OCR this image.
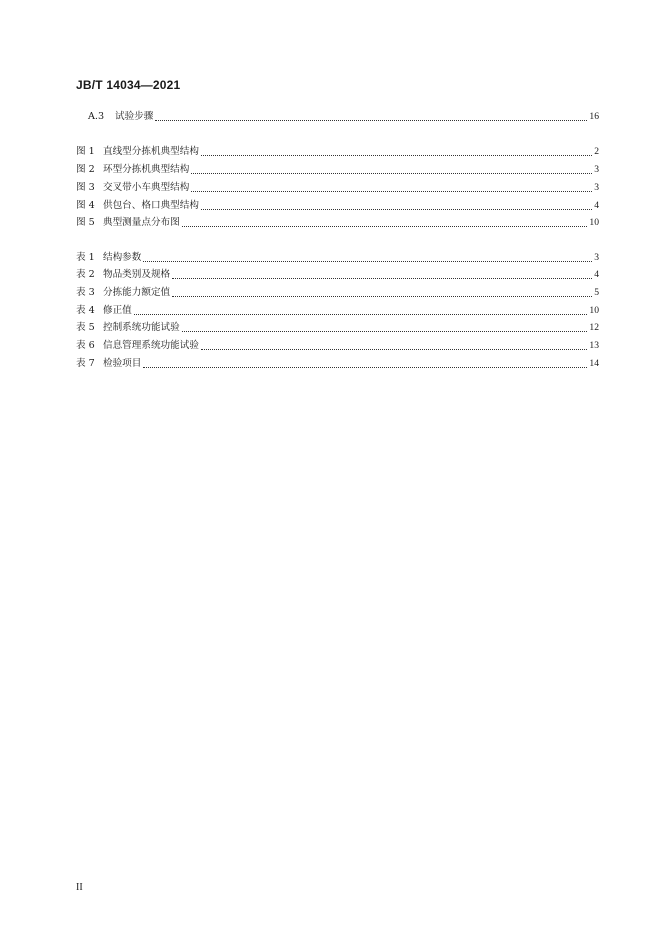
JB/T 14034—2021
A.3	试验步骤	16
图 1 直线型分拣机典型结构	2
图 2 环型分拣机典型结构	3
图 3 交叉带小车典型结构	3
图 4 供包台、格口典型结构	4
图 5 典型测量点分布图	10
表 1 结构参数	3
表 2 物品类别及规格	4
表 3 分拣能力额定值	5
表 4 修正值	10
表 5 控制系统功能试验	12
表 6 信息管理系统功能试验	13
表 7 检验项目	14
II
